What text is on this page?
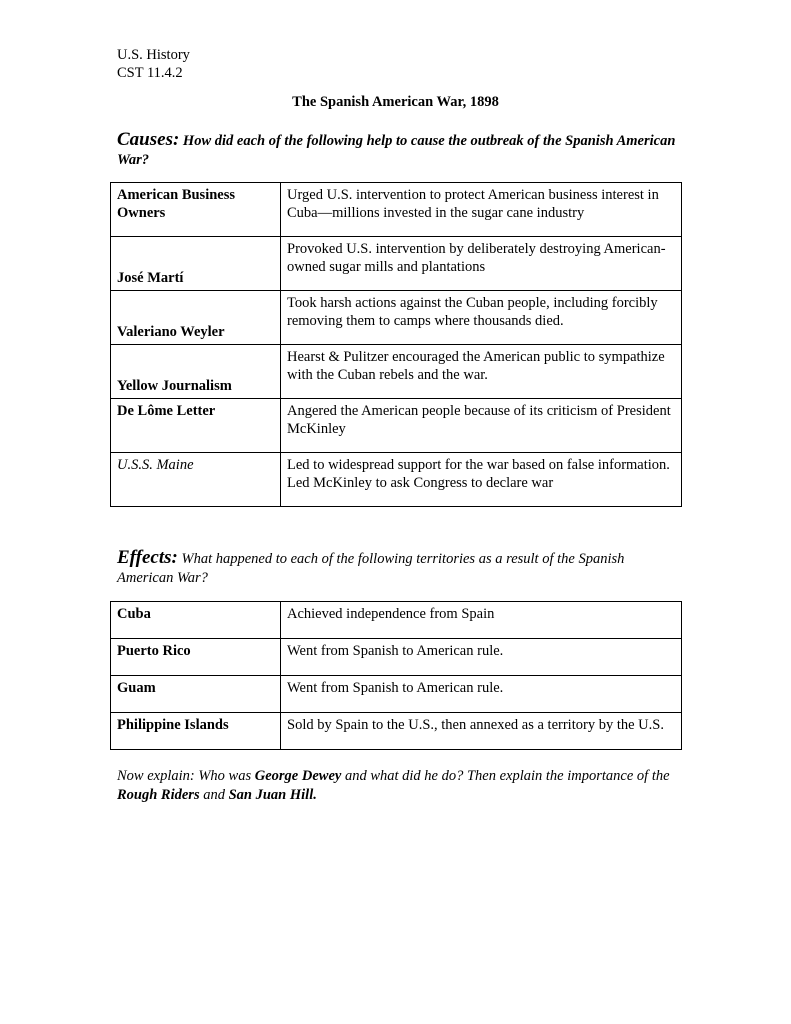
U.S. History
CST 11.4.2
The Spanish American War, 1898
Causes: How did each of the following help to cause the outbreak of the Spanish American War?
American Business Owners	Urged U.S. intervention to protect American business interest in Cuba—millions invested in the sugar cane industry
José Martí	Provoked U.S. intervention by deliberately destroying American-owned sugar mills and plantations
Valeriano Weyler	Took harsh actions against the Cuban people, including forcibly removing them to camps where thousands died.
Yellow Journalism	Hearst & Pulitzer encouraged the American public to sympathize with the Cuban rebels and the war.
De Lôme Letter	Angered the American people because of its criticism of President McKinley
U.S.S. Maine	Led to widespread support for the war based on false information. Led McKinley to ask Congress to declare war
Effects: What happened to each of the following territories as a result of the Spanish American War?
Cuba	Achieved independence from Spain
Puerto Rico	Went from Spanish to American rule.
Guam	Went from Spanish to American rule.
Philippine Islands	Sold by Spain to the U.S., then annexed as a territory by the U.S.
Now explain: Who was George Dewey and what did he do? Then explain the importance of the Rough Riders and San Juan Hill.
